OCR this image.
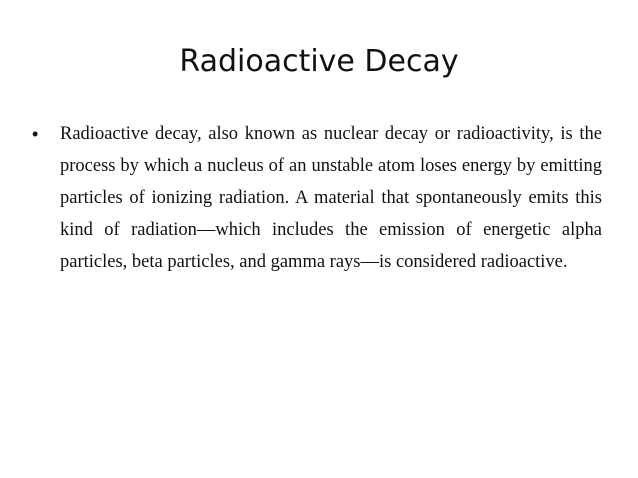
Radioactive Decay
• Radioactive decay, also known as nuclear decay or radioactivity, is the process by which a nucleus of an unstable atom loses energy by emitting particles of ionizing radiation. A material that spontaneously emits this kind of radiation—which includes the emission of energetic alpha particles, beta particles, and gamma rays—is considered radioactive.
